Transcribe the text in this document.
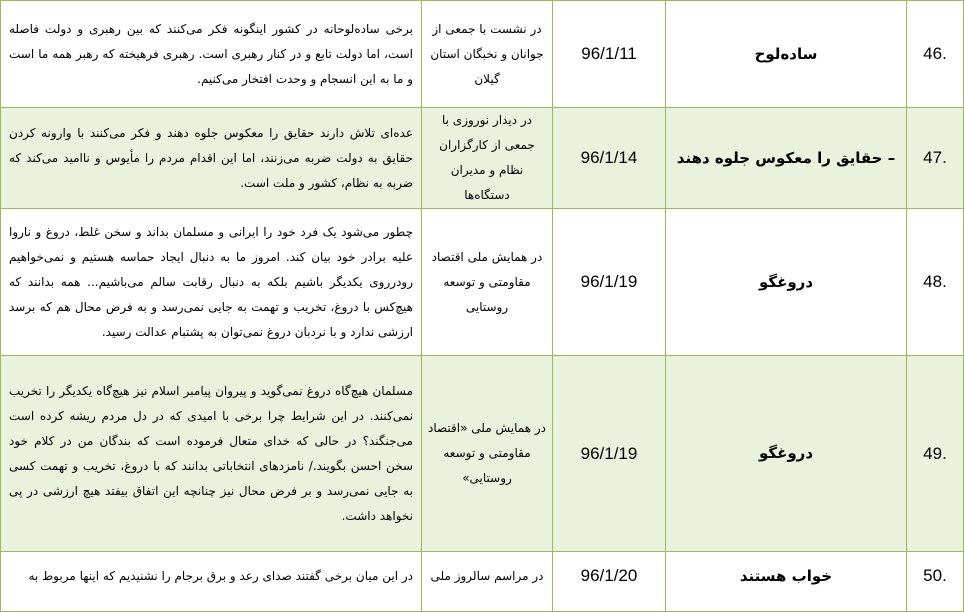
46.	ساده‌لوح	96/1/11	در نشست با جمعی از جوانان و نخبگان استان گیلان	برخی ساده‌لوحانه در کشور اینگونه فکر می‌کنند که بین رهبری و دولت فاصله است، اما دولت تابع و در کنار رهبری است. رهبری فرهیخته که رهبر همه ما است و ما به این انسجام و وحدت افتخار می‌کنیم.
47.	– حقایق را معکوس جلوه دهند	96/1/14	در دیدار نوروزی با جمعی از کارگزاران نظام و مدیران دستگاه‌ها	عده‌ای تلاش دارند حقایق را معکوس جلوه دهند و فکر می‌کنند با وارونه کردن حقایق به دولت ضربه می‌زنند، اما این اقدام مردم را مأیوس و ناامید می‌کند که ضربه به نظام، کشور و ملت است.
48.	دروغگو	96/1/19	در همایش ملی اقتصاد مقاومتی و توسعه روستایی	چطور می‌شود یک فرد خود را ایرانی و مسلمان بداند و سخن غلط، دروغ و ناروا علیه برادر خود بیان کند. امروز ما به دنبال ایجاد حماسه هستیم و نمی‌خواهیم رودرروی یکدیگر باشیم بلکه به دنبال رقابت سالم می‌باشیم... همه بدانند که هیچ‌کس با دروغ، تخریب و تهمت به جایی نمی‌رسد و به فرض محال هم که برسد ارزشی ندارد و با نردبان دروغ نمی‌توان به پشتبام عدالت رسید.
49.	دروغگو	96/1/19	در همایش ملی «اقتصاد مقاومتی و توسعه روستایی»	مسلمان هیچ‌گاه دروغ نمی‌گوید و پیروان پیامبر اسلام نیز هیچ‌گاه یکدیگر را تخریب نمی‌کنند. در این شرایط چرا برخی با امیدی که در دل مردم ریشه کرده است می‌جنگند؟ در حالی که خدای متعال فرموده است که بندگان من در کلام خود سخن احسن بگویند./ نامزدهای انتخاباتی بدانند که با دروغ، تخریب و تهمت کسی به جایی نمی‌رسد و بر فرض محال نیز چنانچه این اتفاق بیفتد هیچ ارزشی در پی نخواهد داشت.
50.	خواب هستند	96/1/20	در مراسم سالروز ملی	در این میان برخی گفتند صدای رعد و برق برجام را نشنیدیم که اینها مربوط به
